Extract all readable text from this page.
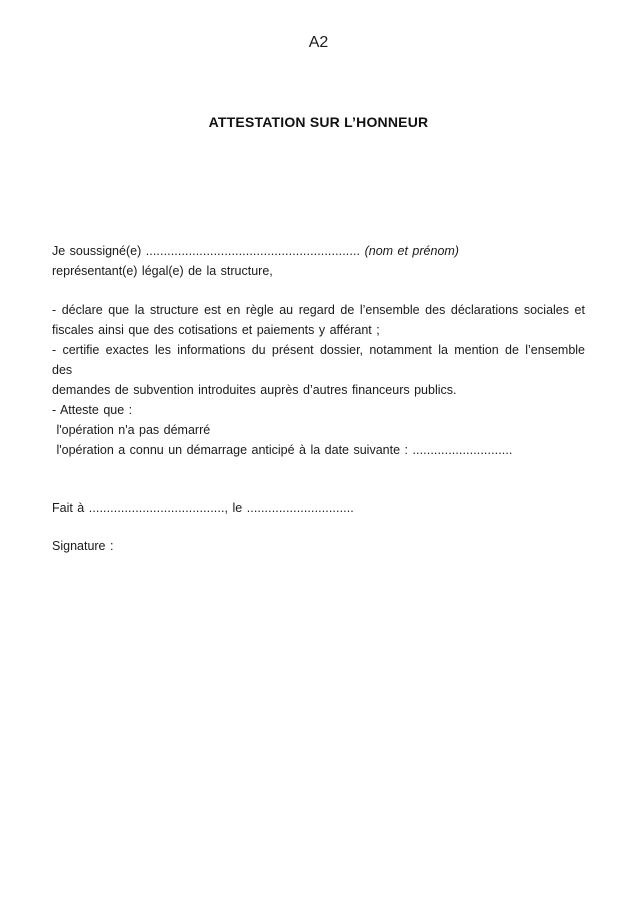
A2
ATTESTATION SUR L’HONNEUR
Je soussigné(e) ............................................................ (nom et prénom)
représentant(e) légal(e) de la structure,
- déclare que la structure est en règle au regard de l’ensemble des déclarations sociales et
fiscales ainsi que des cotisations et paiements y afférant ;
- certifie exactes les informations du présent dossier, notamment la mention de l’ensemble des
demandes de subvention introduites auprès d’autres financeurs publics.
- Atteste que :
l'opération n'a pas démarré
l'opération a connu un démarrage anticipé à la date suivante : ............................
Fait à ......................................, le ..............................
Signature :
